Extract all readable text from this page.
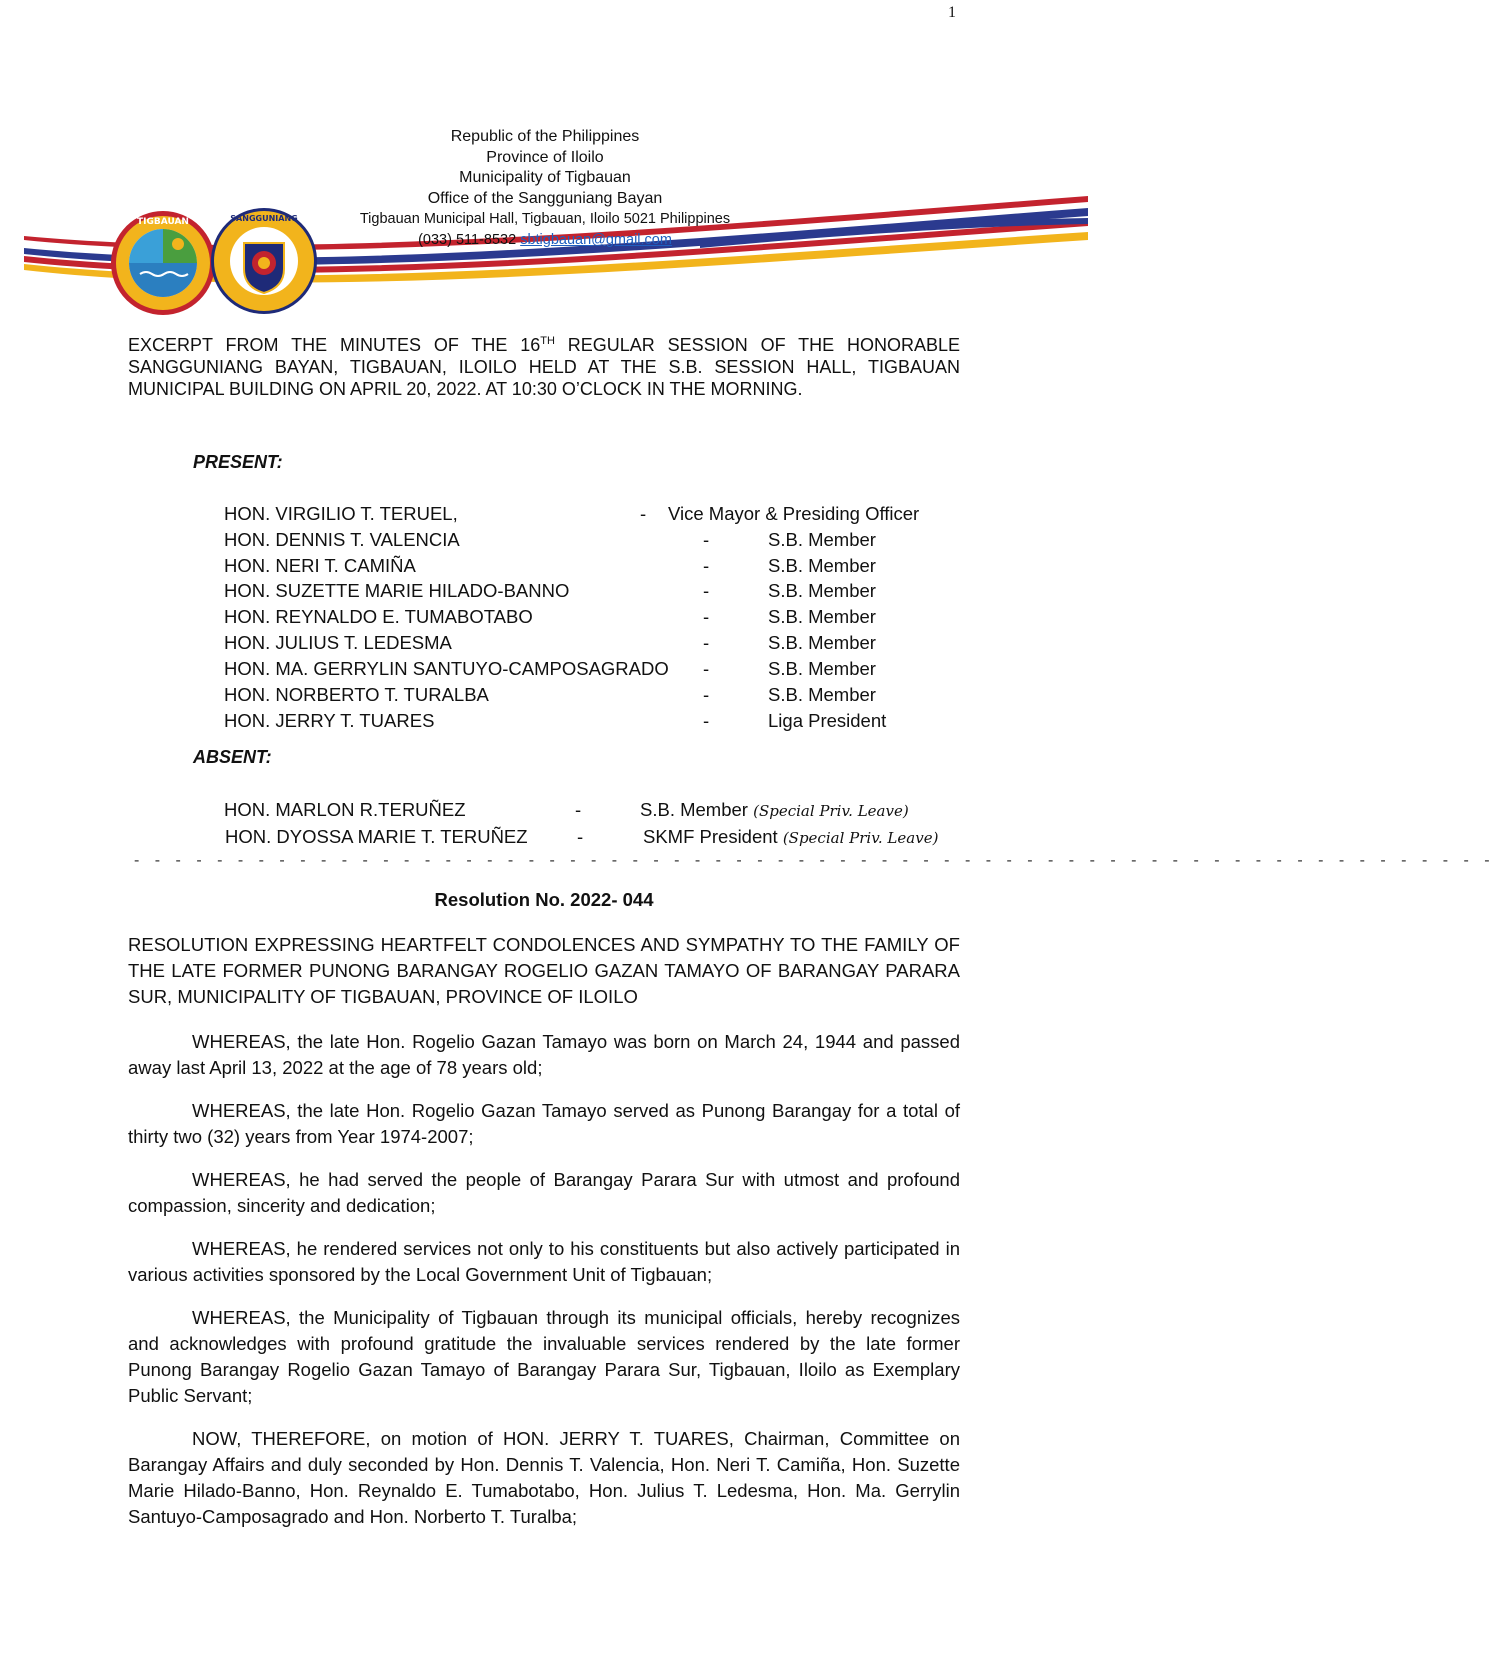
1
TIGBAUAN	SANGGUNIANG
Republic of the Philippines
Province of Iloilo
Municipality of Tigbauan
Office of the Sangguniang Bayan
Tigbauan Municipal Hall, Tigbauan, Iloilo 5021 Philippines
(033) 511-8532 sbtigbauan@gmail.com
EXCERPT FROM THE MINUTES OF THE 16TH REGULAR SESSION OF THE HONORABLE SANGGUNIANG BAYAN, TIGBAUAN, ILOILO HELD AT THE S.B. SESSION HALL, TIGBAUAN MUNICIPAL BUILDING ON APRIL 20, 2022. AT 10:30 O’CLOCK IN THE MORNING.
PRESENT:
HON. VIRGILIO T. TERUEL,	- Vice Mayor & Presiding Officer
HON. DENNIS T. VALENCIA	-	S.B. Member
HON. NERI T. CAMIÑA	-	S.B. Member
HON. SUZETTE MARIE HILADO-BANNO	-	S.B. Member
HON. REYNALDO E. TUMABOTABO	-	S.B. Member
HON. JULIUS T. LEDESMA	-	S.B. Member
HON. MA. GERRYLIN SANTUYO-CAMPOSAGRADO -	S.B. Member
HON. NORBERTO T. TURALBA	-	S.B. Member
HON. JERRY T. TUARES	-	Liga President
ABSENT:
HON. MARLON R.TERUÑEZ	-	S.B. Member (Special Priv. Leave)
HON. DYOSSA MARIE T. TERUÑEZ	-	SKMF President (Special Priv. Leave)
- - - - - - - - - - - - - - - - - - - - - - - - - - - - - - - - - - - - - - - - - - - - - - - - - - - - - - - - - - - - - - - - - -
Resolution No. 2022- 044
RESOLUTION EXPRESSING HEARTFELT CONDOLENCES AND SYMPATHY TO THE FAMILY OF THE LATE FORMER PUNONG BARANGAY ROGELIO GAZAN TAMAYO OF BARANGAY PARARA SUR, MUNICIPALITY OF TIGBAUAN, PROVINCE OF ILOILO
WHEREAS, the late Hon. Rogelio Gazan Tamayo was born on March 24, 1944 and passed away last April 13, 2022 at the age of 78 years old;
WHEREAS, the late Hon. Rogelio Gazan Tamayo served as Punong Barangay for a total of thirty two (32) years from Year 1974-2007;
WHEREAS, he had served the people of Barangay Parara Sur with utmost and profound compassion, sincerity and dedication;
WHEREAS, he rendered services not only to his constituents but also actively participated in various activities sponsored by the Local Government Unit of Tigbauan;
WHEREAS, the Municipality of Tigbauan through its municipal officials, hereby recognizes and acknowledges with profound gratitude the invaluable services rendered by the late former Punong Barangay Rogelio Gazan Tamayo of Barangay Parara Sur, Tigbauan, Iloilo as Exemplary Public Servant;
NOW, THEREFORE, on motion of HON. JERRY T. TUARES, Chairman, Committee on Barangay Affairs and duly seconded by Hon. Dennis T. Valencia, Hon. Neri T. Camiña, Hon. Suzette Marie Hilado-Banno, Hon. Reynaldo E. Tumabotabo, Hon. Julius T. Ledesma, Hon. Ma. Gerrylin Santuyo-Camposagrado and Hon. Norberto T. Turalba;
